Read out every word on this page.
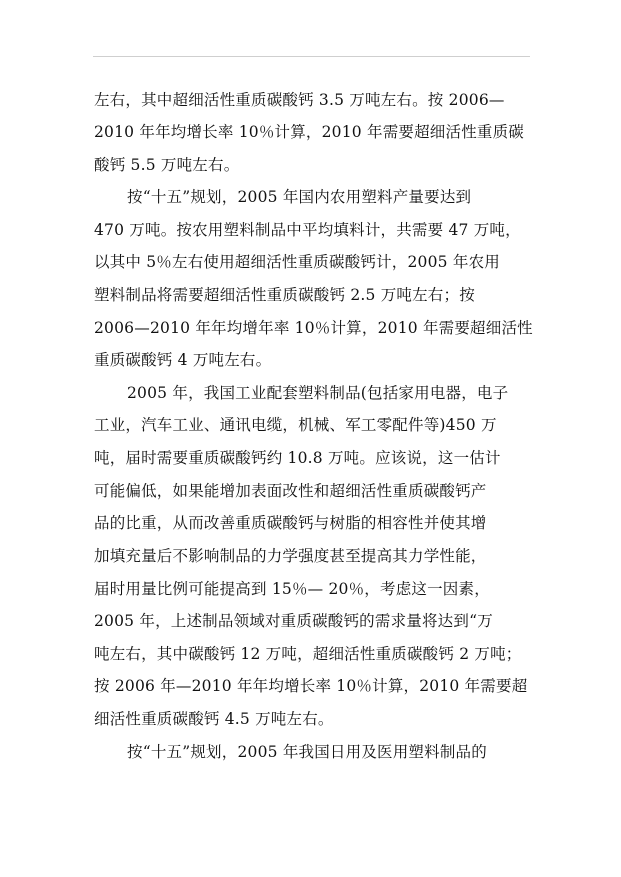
左右，其中超细活性重质碳酸钙 3.5 万吨左右。按 2006—
2010 年年均增长率 10％计算，2010 年需要超细活性重质碳
酸钙 5.5 万吨左右。
按“十五”规划，2005 年国内农用塑料产量要达到
470 万吨。按农用塑料制品中平均填料计，共需要 47 万吨，
以其中 5％左右使用超细活性重质碳酸钙计，2005 年农用
塑料制品将需要超细活性重质碳酸钙 2.5 万吨左右；按
2006—2010 年年均增年率 10％计算，2010 年需要超细活性
重质碳酸钙 4 万吨左右。
2005 年，我国工业配套塑料制品(包括家用电器，电子
工业，汽车工业、通讯电缆，机械、军工零配件等)450 万
吨，届时需要重质碳酸钙约 10.8 万吨。应该说，这一估计
可能偏低，如果能增加表面改性和超细活性重质碳酸钙产
品的比重，从而改善重质碳酸钙与树脂的相容性并使其增
加填充量后不影响制品的力学强度甚至提高其力学性能，
届时用量比例可能提高到 15％— 20％，考虑这一因素，
2005 年，上述制品领域对重质碳酸钙的需求量将达到“万
吨左右，其中碳酸钙 12 万吨，超细活性重质碳酸钙 2 万吨；
按 2006 年—2010 年年均增长率 10％计算，2010 年需要超
细活性重质碳酸钙 4.5 万吨左右。
按“十五”规划，2005 年我国日用及医用塑料制品的
